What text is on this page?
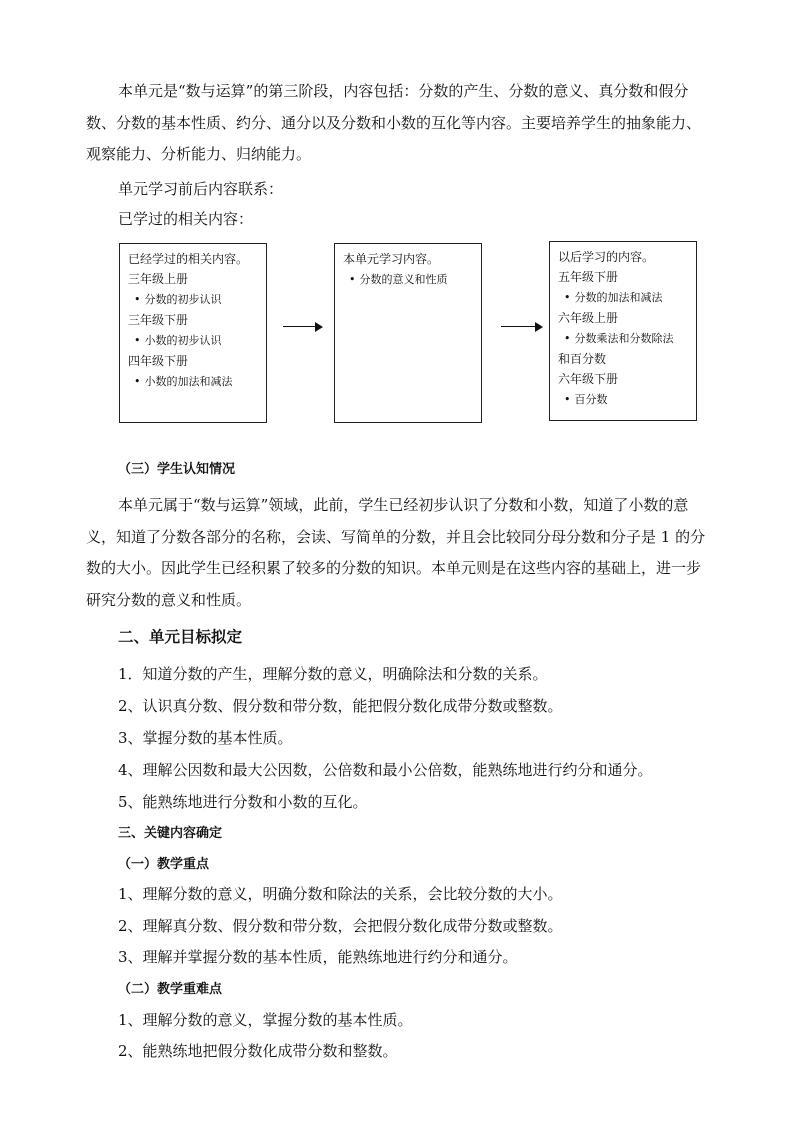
本单元是“数与运算”的第三阶段，内容包括：分数的产生、分数的意义、真分数和假分数、分数的基本性质、约分、通分以及分数和小数的互化等内容。主要培养学生的抽象能力、观察能力、分析能力、归纳能力。

单元学习前后内容联系：

已学过的相关内容：

已经学过的相关内容。

三年级上册

• 分数的初步认识

三年级下册

• 小数的初步认识

四年级下册

• 小数的加法和减法

本单元学习内容。

• 分数的意义和性质

以后学习的内容。

五年级下册

• 分数的加法和减法

六年级上册

• 分数乘法和分数除法

和百分数

六年级下册

• 百分数

（三）学生认知情况

本单元属于“数与运算”领域，此前，学生已经初步认识了分数和小数，知道了小数的意义，知道了分数各部分的名称，会读、写简单的分数，并且会比较同分母分数和分子是 1 的分数的大小。因此学生已经积累了较多的分数的知识。本单元则是在这些内容的基础上，进一步研究分数的意义和性质。

二、单元目标拟定

1．知道分数的产生，理解分数的意义，明确除法和分数的关系。

2、认识真分数、假分数和带分数，能把假分数化成带分数或整数。

3、掌握分数的基本性质。

4、理解公因数和最大公因数，公倍数和最小公倍数，能熟练地进行约分和通分。

5、能熟练地进行分数和小数的互化。

三、关键内容确定

（一）教学重点

1、理解分数的意义，明确分数和除法的关系，会比较分数的大小。

2、理解真分数、假分数和带分数，会把假分数化成带分数或整数。

3、理解并掌握分数的基本性质，能熟练地进行约分和通分。

（二）教学重难点

1、理解分数的意义，掌握分数的基本性质。

2、能熟练地把假分数化成带分数和整数。
